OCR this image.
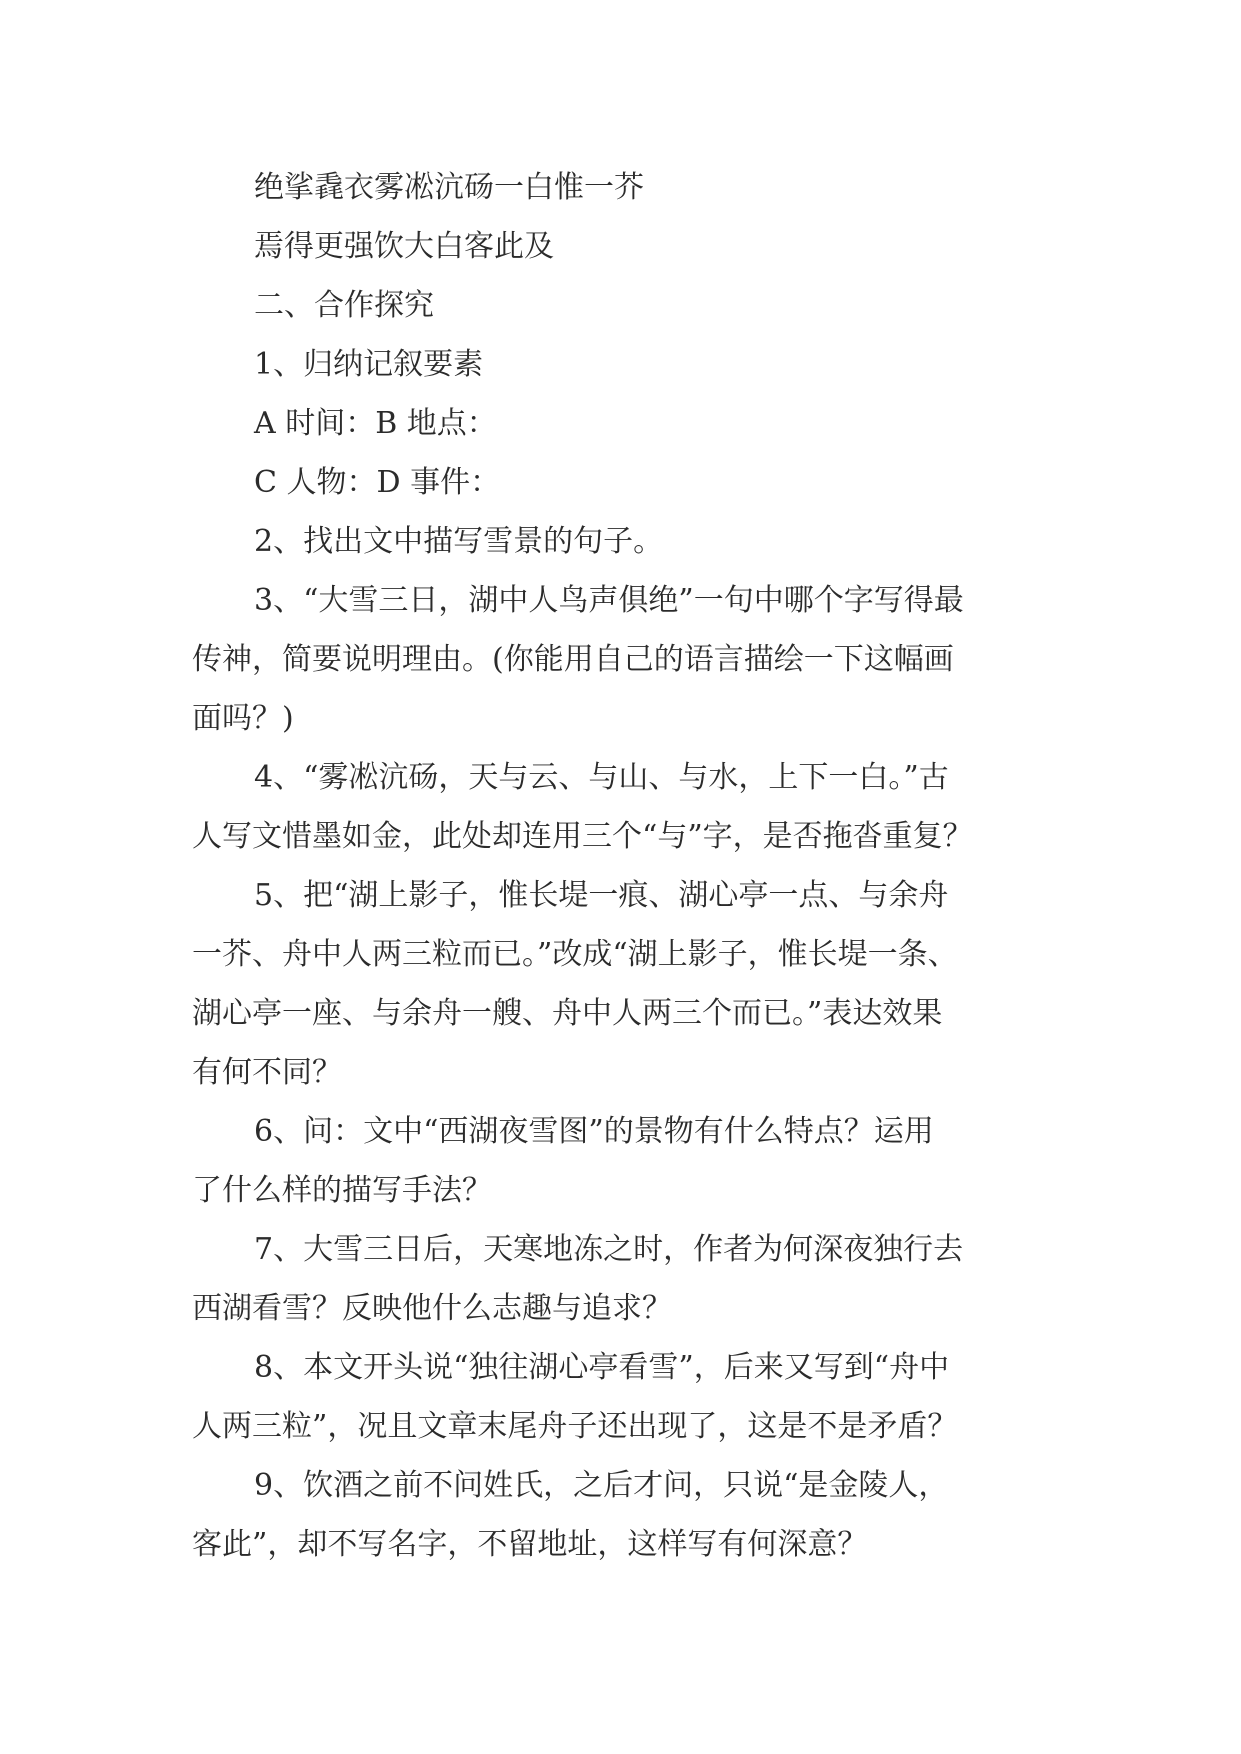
绝挲毳衣雾凇沆砀一白惟一芥
焉得更强饮大白客此及
二、合作探究
1、归纳记叙要素
A 时间：B 地点：
C 人物：D 事件：
2、找出文中描写雪景的句子。
3、“大雪三日，湖中人鸟声俱绝”一句中哪个字写得最
传神，简要说明理由。(你能用自己的语言描绘一下这幅画
面吗？)
4、“雾凇沆砀，天与云、与山、与水，上下一白。”古
人写文惜墨如金，此处却连用三个“与”字，是否拖沓重复？
5、把“湖上影子，惟长堤一痕、湖心亭一点、与余舟
一芥、舟中人两三粒而已。”改成“湖上影子，惟长堤一条、
湖心亭一座、与余舟一艘、舟中人两三个而已。”表达效果
有何不同？
6、问：文中“西湖夜雪图”的景物有什么特点？运用
了什么样的描写手法？
7、大雪三日后，天寒地冻之时，作者为何深夜独行去
西湖看雪？反映他什么志趣与追求？
8、本文开头说“独往湖心亭看雪”，后来又写到“舟中
人两三粒”，况且文章末尾舟子还出现了，这是不是矛盾？
9、饮酒之前不问姓氏，之后才问，只说“是金陵人，
客此”，却不写名字，不留地址，这样写有何深意？
